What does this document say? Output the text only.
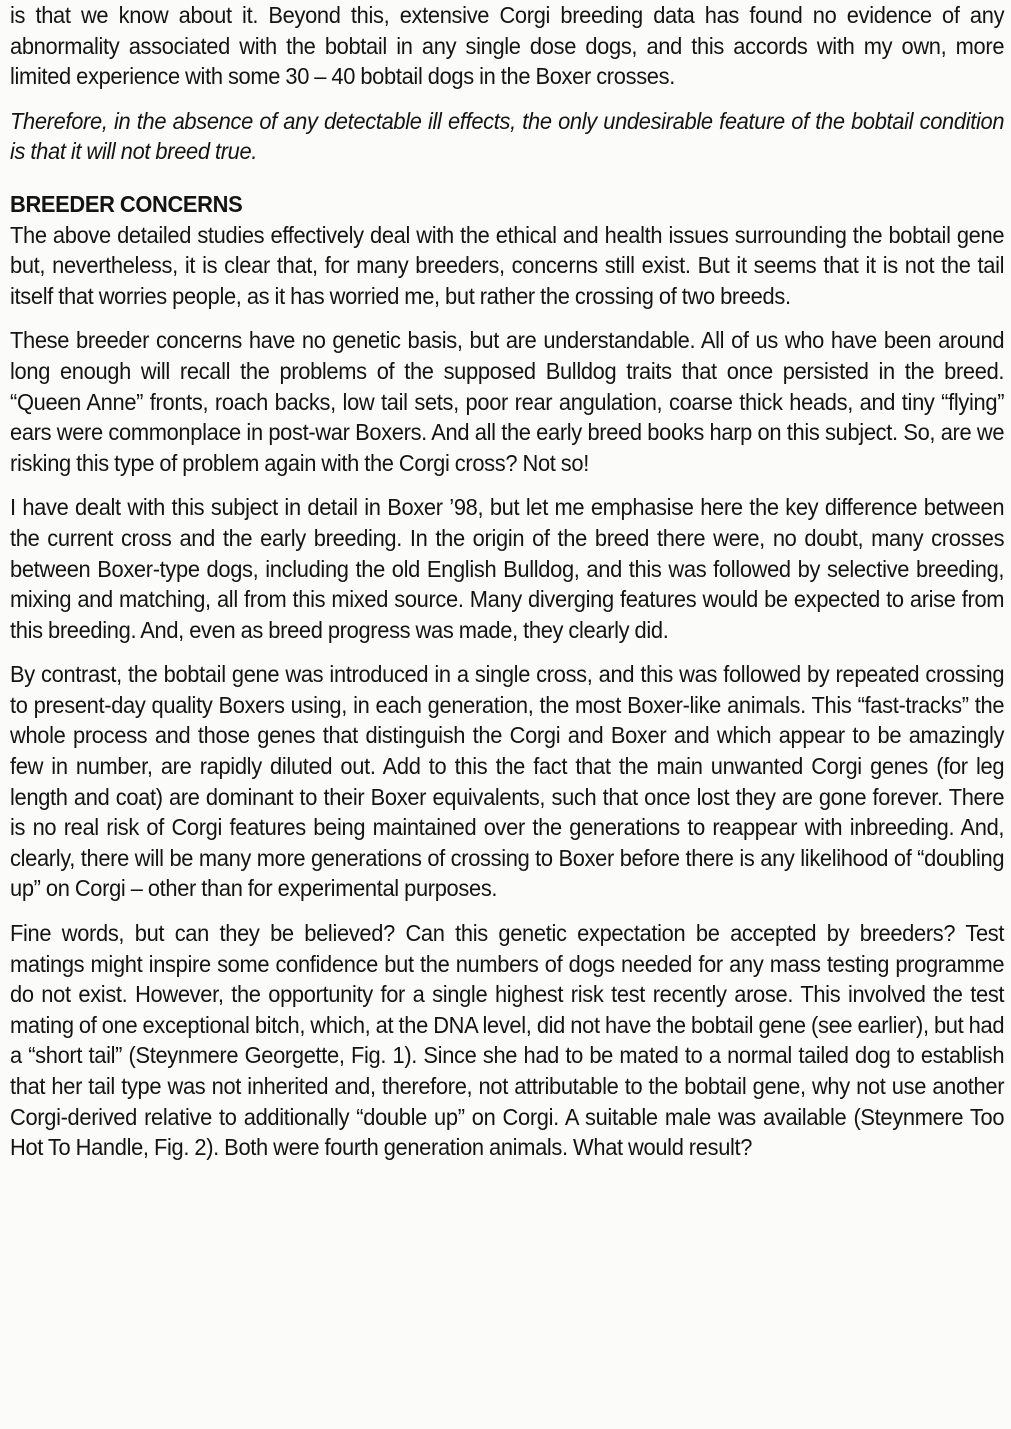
is that we know about it. Beyond this, extensive Corgi breeding data has found no evidence of any abnormality associated with the bobtail in any single dose dogs, and this accords with my own, more limited experience with some 30 – 40 bobtail dogs in the Boxer crosses.

Therefore, in the absence of any detectable ill effects, the only undesirable feature of the bobtail condition is that it will not breed true.

BREEDER CONCERNS

The above detailed studies effectively deal with the ethical and health issues surrounding the bobtail gene but, nevertheless, it is clear that, for many breeders, concerns still exist. But it seems that it is not the tail itself that worries people, as it has worried me, but rather the crossing of two breeds.

These breeder concerns have no genetic basis, but are understandable. All of us who have been around long enough will recall the problems of the supposed Bulldog traits that once persisted in the breed. “Queen Anne” fronts, roach backs, low tail sets, poor rear angulation, coarse thick heads, and tiny “flying” ears were commonplace in post-war Boxers. And all the early breed books harp on this subject. So, are we risking this type of problem again with the Corgi cross? Not so!

I have dealt with this subject in detail in Boxer ’98, but let me emphasise here the key difference between the current cross and the early breeding. In the origin of the breed there were, no doubt, many crosses between Boxer-type dogs, including the old English Bulldog, and this was followed by selective breeding, mixing and matching, all from this mixed source. Many diverging features would be expected to arise from this breeding. And, even as breed progress was made, they clearly did.

By contrast, the bobtail gene was introduced in a single cross, and this was followed by repeated crossing to present-day quality Boxers using, in each generation, the most Boxer-like animals. This “fast-tracks” the whole process and those genes that distinguish the Corgi and Boxer and which appear to be amazingly few in number, are rapidly diluted out. Add to this the fact that the main unwanted Corgi genes (for leg length and coat) are dominant to their Boxer equivalents, such that once lost they are gone forever. There is no real risk of Corgi features being maintained over the generations to reappear with inbreeding. And, clearly, there will be many more generations of crossing to Boxer before there is any likelihood of “doubling up” on Corgi – other than for experimental purposes.

Fine words, but can they be believed? Can this genetic expectation be accepted by breeders? Test matings might inspire some confidence but the numbers of dogs needed for any mass testing programme do not exist. However, the opportunity for a single highest risk test recently arose. This involved the test mating of one exceptional bitch, which, at the DNA level, did not have the bobtail gene (see earlier), but had a “short tail” (Steynmere Georgette, Fig. 1). Since she had to be mated to a normal tailed dog to establish that her tail type was not inherited and, therefore, not attributable to the bobtail gene, why not use another Corgi-derived relative to additionally “double up” on Corgi. A suitable male was available (Steynmere Too Hot To Handle, Fig. 2). Both were fourth generation animals. What would result?
